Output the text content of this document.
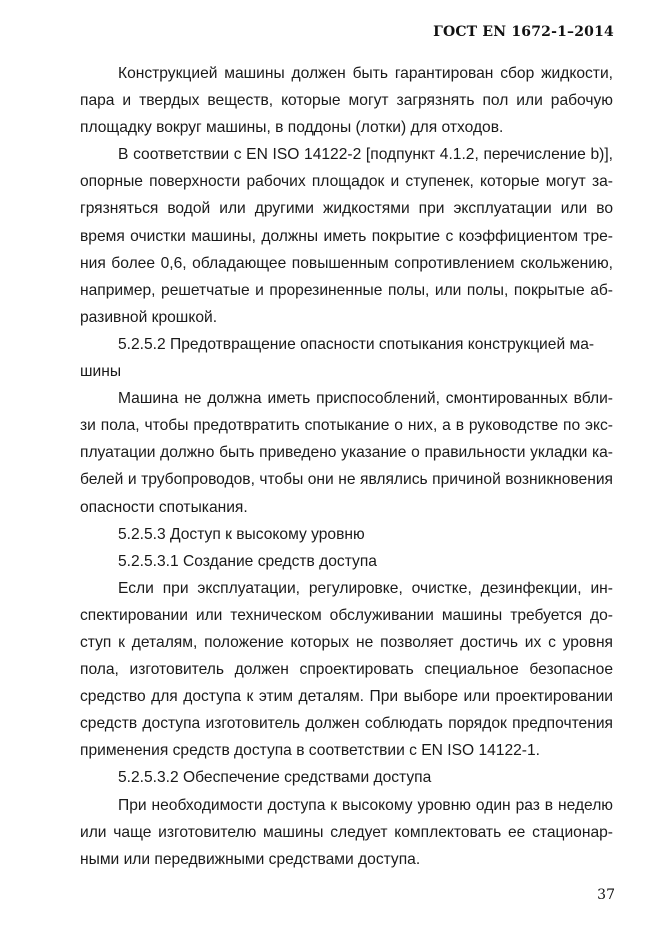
ГОСТ EN 1672-1–2014

Конструкцией машины должен быть гарантирован сбор жидкости, пара и твердых веществ, которые могут загрязнять пол или рабочую площадку вокруг машины, в поддоны (лотки) для отходов.

В соответствии с EN ISO 14122-2 [подпункт 4.1.2, перечисление b)], опорные поверхности рабочих площадок и ступенек, которые могут загрязняться водой или другими жидкостями при эксплуатации или во время очистки машины, должны иметь покрытие с коэффициентом трения более 0,6, обладающее повышенным сопротивлением скольжению, например, решетчатые и прорезиненные полы, или полы, покрытые абразивной крошкой.

5.2.5.2 Предотвращение опасности спотыкания конструкцией машины

Машина не должна иметь приспособлений, смонтированных вблизи пола, чтобы предотвратить спотыкание о них, а в руководстве по эксплуатации должно быть приведено указание о правильности укладки кабелей и трубопроводов, чтобы они не являлись причиной возникновения опасности спотыкания.

5.2.5.3 Доступ к высокому уровню

5.2.5.3.1 Создание средств доступа

Если при эксплуатации, регулировке, очистке, дезинфекции, инспектировании или техническом обслуживании машины требуется доступ к деталям, положение которых не позволяет достичь их с уровня пола, изготовитель должен спроектировать специальное безопасное средство для доступа к этим деталям. При выборе или проектировании средств доступа изготовитель должен соблюдать порядок предпочтения применения средств доступа в соответствии с EN ISO 14122-1.

5.2.5.3.2 Обеспечение средствами доступа

При необходимости доступа к высокому уровню один раз в неделю или чаще изготовителю машины следует комплектовать ее стационарными или передвижными средствами доступа.

37
